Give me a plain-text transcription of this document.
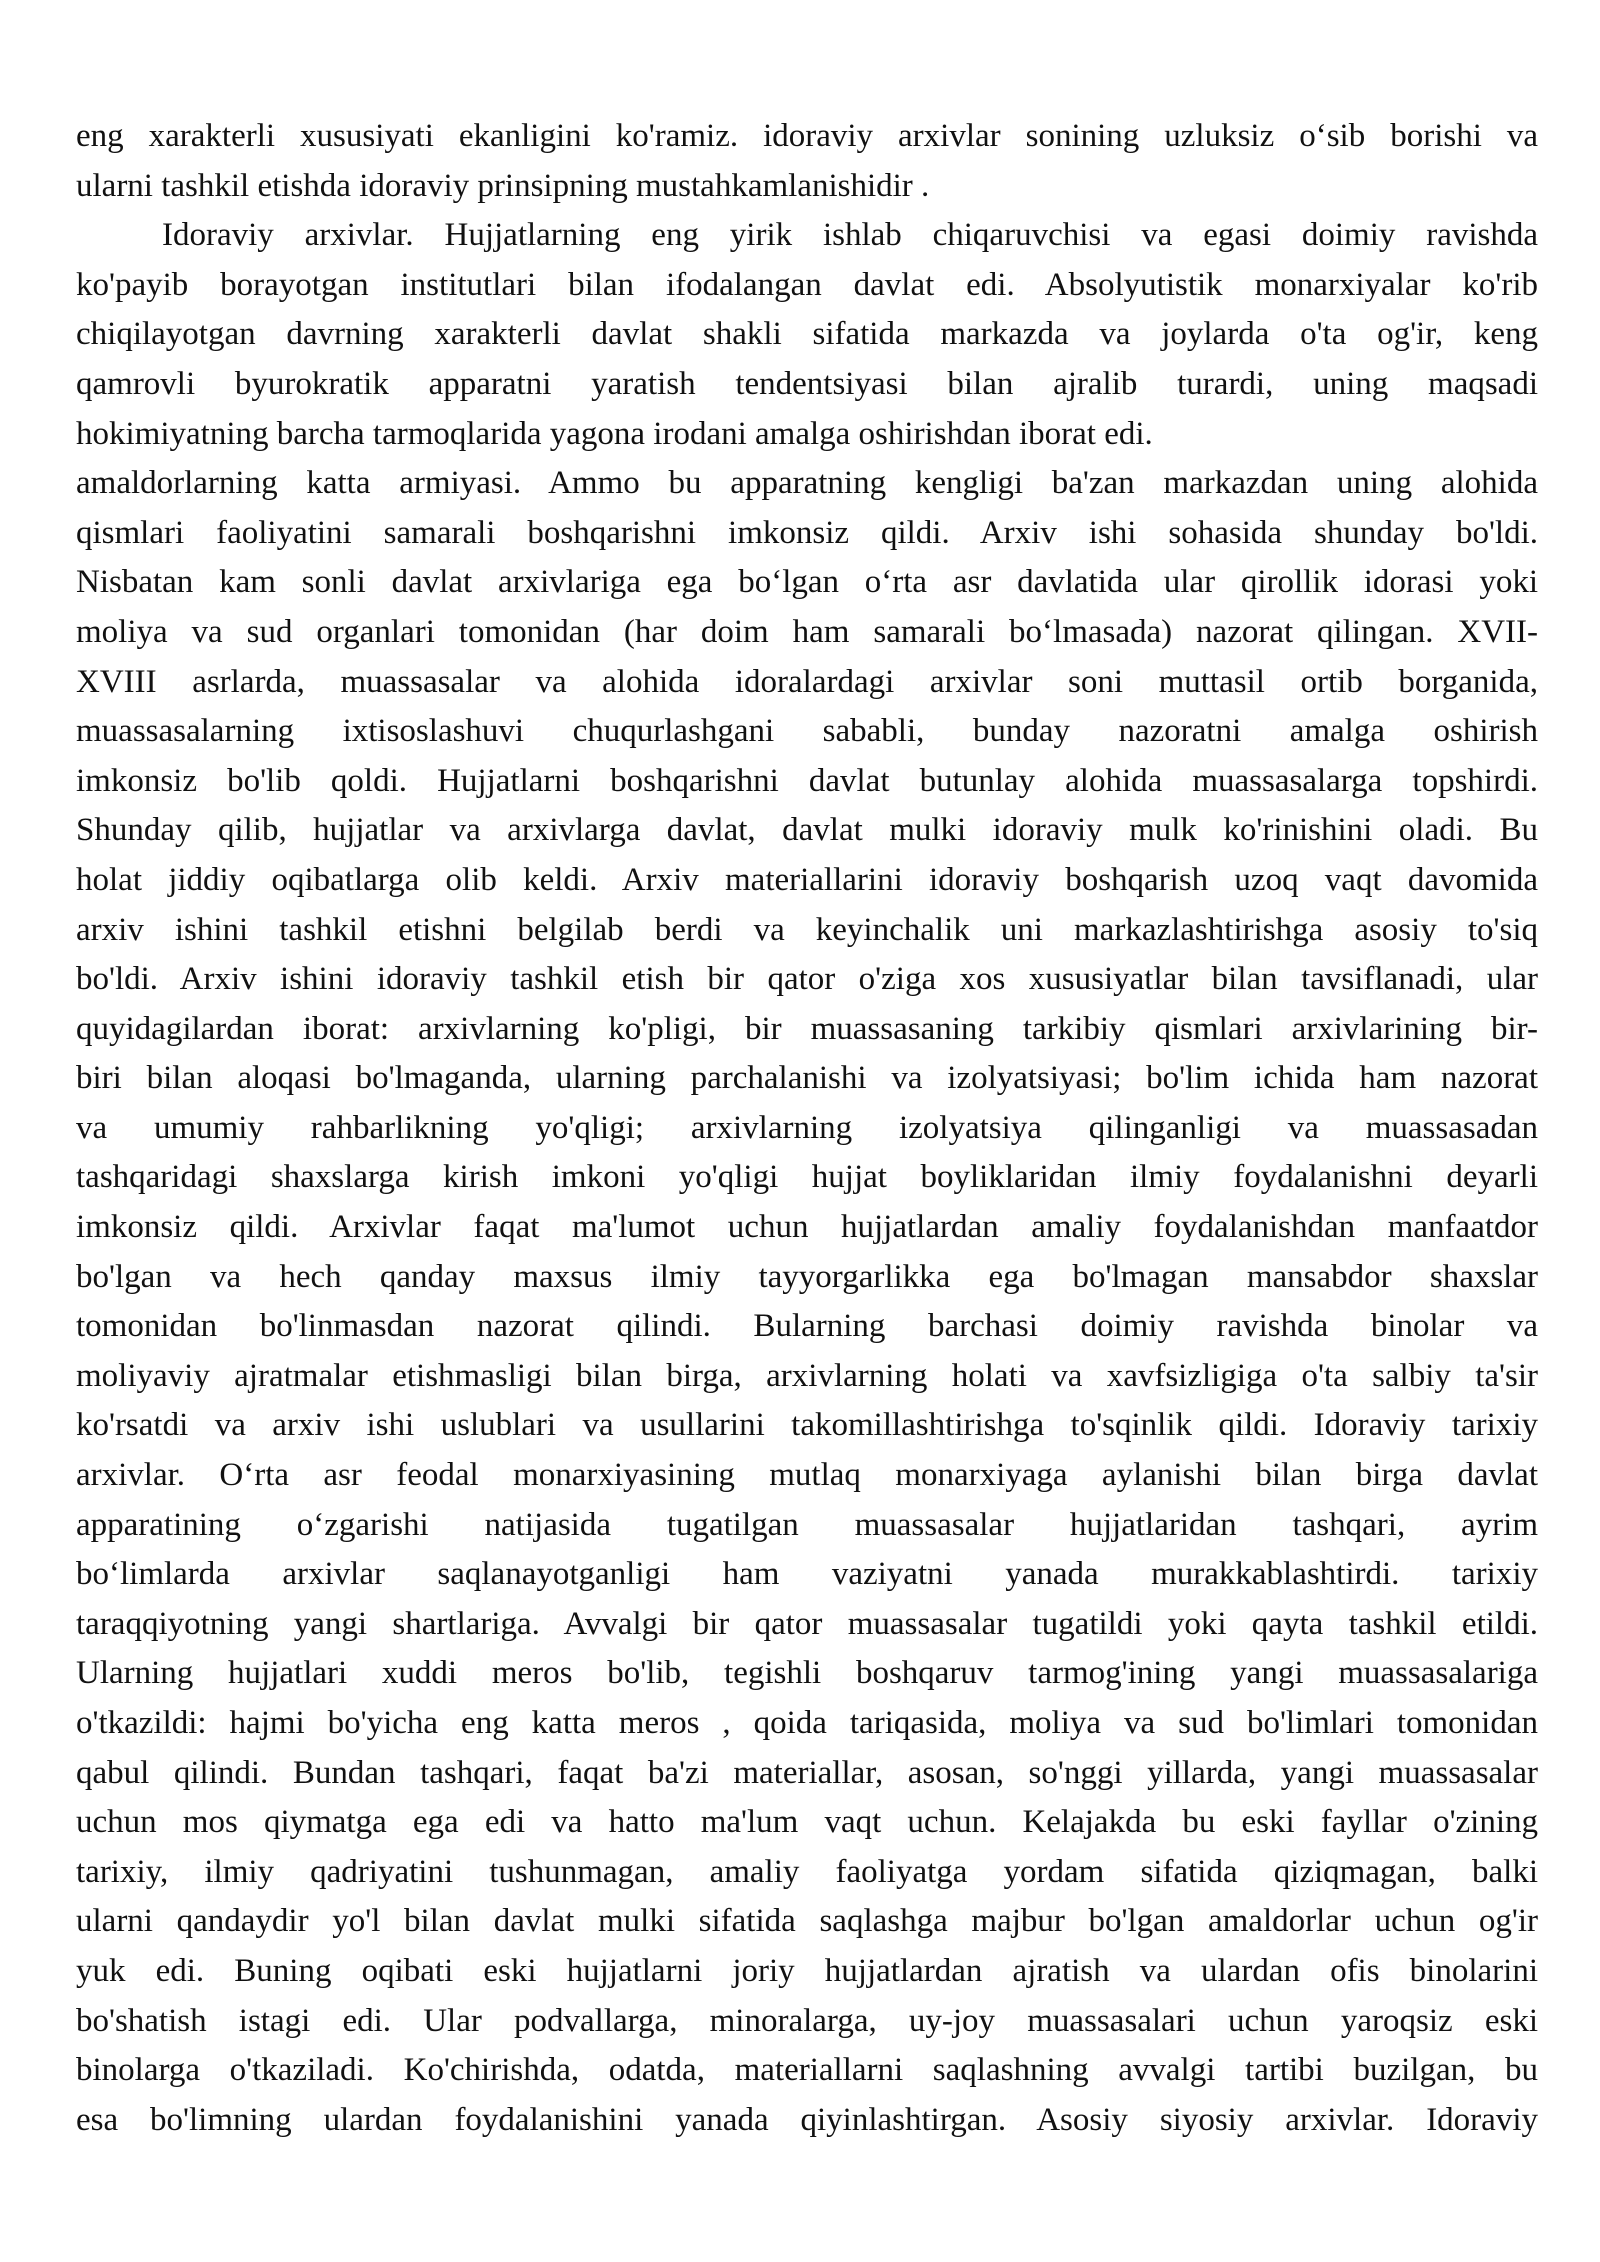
eng xarakterli xususiyati ekanligini ko'ramiz. idoraviy arxivlar sonining uzluksiz o‘sib borishi va
ularni tashkil etishda idoraviy prinsipning mustahkamlanishidir .
Idoraviy arxivlar. Hujjatlarning eng yirik ishlab chiqaruvchisi va egasi doimiy ravishda
ko'payib borayotgan institutlari bilan ifodalangan davlat edi. Absolyutistik monarxiyalar ko'rib
chiqilayotgan davrning xarakterli davlat shakli sifatida markazda va joylarda o'ta og'ir, keng
qamrovli byurokratik apparatni yaratish tendentsiyasi bilan ajralib turardi, uning maqsadi
hokimiyatning barcha tarmoqlarida yagona irodani amalga oshirishdan iborat edi.
amaldorlarning katta armiyasi. Ammo bu apparatning kengligi ba'zan markazdan uning alohida
qismlari faoliyatini samarali boshqarishni imkonsiz qildi. Arxiv ishi sohasida shunday bo'ldi.
Nisbatan kam sonli davlat arxivlariga ega bo‘lgan o‘rta asr davlatida ular qirollik idorasi yoki
moliya va sud organlari tomonidan (har doim ham samarali bo‘lmasada) nazorat qilingan. XVII-
XVIII asrlarda, muassasalar va alohida idoralardagi arxivlar soni muttasil ortib borganida,
muassasalarning ixtisoslashuvi chuqurlashgani sababli, bunday nazoratni amalga oshirish
imkonsiz bo'lib qoldi. Hujjatlarni boshqarishni davlat butunlay alohida muassasalarga topshirdi.
Shunday qilib, hujjatlar va arxivlarga davlat, davlat mulki idoraviy mulk ko'rinishini oladi. Bu
holat jiddiy oqibatlarga olib keldi. Arxiv materiallarini idoraviy boshqarish uzoq vaqt davomida
arxiv ishini tashkil etishni belgilab berdi va keyinchalik uni markazlashtirishga asosiy to'siq
bo'ldi. Arxiv ishini idoraviy tashkil etish bir qator o'ziga xos xususiyatlar bilan tavsiflanadi, ular
quyidagilardan iborat: arxivlarning ko'pligi, bir muassasaning tarkibiy qismlari arxivlarining bir-
biri bilan aloqasi bo'lmaganda, ularning parchalanishi va izolyatsiyasi; bo'lim ichida ham nazorat
va umumiy rahbarlikning yo'qligi; arxivlarning izolyatsiya qilinganligi va muassasadan
tashqaridagi shaxslarga kirish imkoni yo'qligi hujjat boyliklaridan ilmiy foydalanishni deyarli
imkonsiz qildi. Arxivlar faqat ma'lumot uchun hujjatlardan amaliy foydalanishdan manfaatdor
bo'lgan va hech qanday maxsus ilmiy tayyorgarlikka ega bo'lmagan mansabdor shaxslar
tomonidan bo'linmasdan nazorat qilindi. Bularning barchasi doimiy ravishda binolar va
moliyaviy ajratmalar etishmasligi bilan birga, arxivlarning holati va xavfsizligiga o'ta salbiy ta'sir
ko'rsatdi va arxiv ishi uslublari va usullarini takomillashtirishga to'sqinlik qildi. Idoraviy tarixiy
arxivlar. O‘rta asr feodal monarxiyasining mutlaq monarxiyaga aylanishi bilan birga davlat
apparatining o‘zgarishi natijasida tugatilgan muassasalar hujjatlaridan tashqari, ayrim
bo‘limlarda arxivlar saqlanayotganligi ham vaziyatni yanada murakkablashtirdi. tarixiy
taraqqiyotning yangi shartlariga. Avvalgi bir qator muassasalar tugatildi yoki qayta tashkil etildi.
Ularning hujjatlari xuddi meros bo'lib, tegishli boshqaruv tarmog'ining yangi muassasalariga
o'tkazildi: hajmi bo'yicha eng katta meros , qoida tariqasida, moliya va sud bo'limlari tomonidan
qabul qilindi. Bundan tashqari, faqat ba'zi materiallar, asosan, so'nggi yillarda, yangi muassasalar
uchun mos qiymatga ega edi va hatto ma'lum vaqt uchun. Kelajakda bu eski fayllar o'zining
tarixiy, ilmiy qadriyatini tushunmagan, amaliy faoliyatga yordam sifatida qiziqmagan, balki
ularni qandaydir yo'l bilan davlat mulki sifatida saqlashga majbur bo'lgan amaldorlar uchun og'ir
yuk edi. Buning oqibati eski hujjatlarni joriy hujjatlardan ajratish va ulardan ofis binolarini
bo'shatish istagi edi. Ular podvallarga, minoralarga, uy-joy muassasalari uchun yaroqsiz eski
binolarga o'tkaziladi. Ko'chirishda, odatda, materiallarni saqlashning avvalgi tartibi buzilgan, bu
esa bo'limning ulardan foydalanishini yanada qiyinlashtirgan. Asosiy siyosiy arxivlar. Idoraviy
